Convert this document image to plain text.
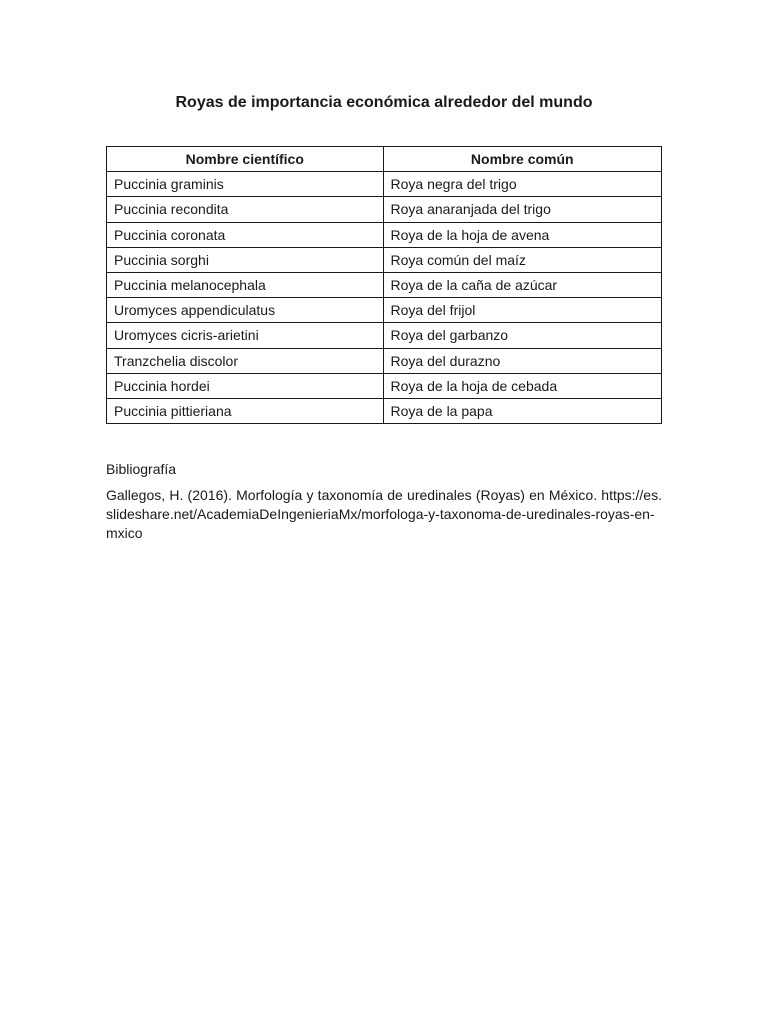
Royas de importancia económica alrededor del mundo
Nombre científico	Nombre común
Puccinia graminis	Roya negra del trigo
Puccinia recondita	Roya anaranjada del trigo
Puccinia coronata	Roya de la hoja de avena
Puccinia sorghi	Roya común del maíz
Puccinia melanocephala	Roya de la caña de azúcar
Uromyces appendiculatus	Roya del frijol
Uromyces cicris-arietini	Roya del garbanzo
Tranzchelia discolor	Roya del durazno
Puccinia hordei	Roya de la hoja de cebada
Puccinia pittieriana	Roya de la papa
Bibliografía
Gallegos, H. (2016). Morfología y taxonomía de uredinales (Royas) en México. https://es.slideshare.net/AcademiaDeIngenieriaMx/morfologa-y-taxonoma-de-uredinales-royas-en-mxico
